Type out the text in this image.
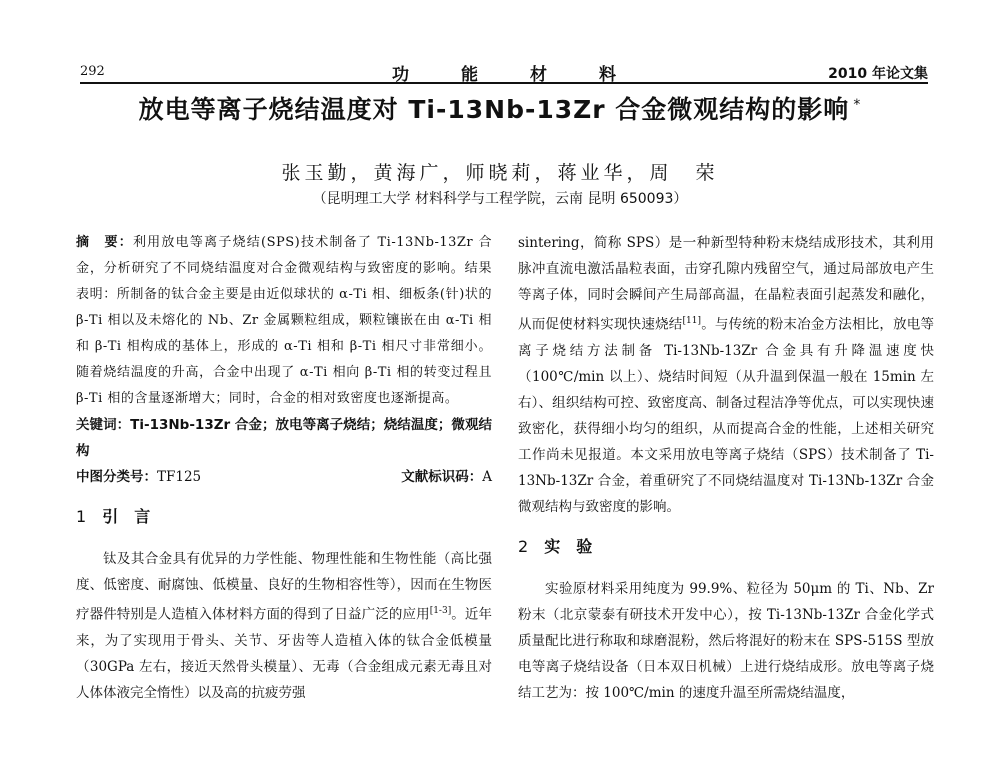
292	功能材料	2010 年论文集
放电等离子烧结温度对 Ti-13Nb-13Zr 合金微观结构的影响 *
张玉勤，黄海广，师晓莉，蒋业华，周　荣
（昆明理工大学 材料科学与工程学院，云南 昆明 650093）
摘　要：利用放电等离子烧结(SPS)技术制备了 Ti-13Nb-13Zr 合金，分析研究了不同烧结温度对合金微观结构与致密度的影响。结果表明：所制备的钛合金主要是由近似球状的 α-Ti 相、细板条(针)状的 β-Ti 相以及未熔化的 Nb、Zr 金属颗粒组成，颗粒镶嵌在由 α-Ti 相和 β-Ti 相构成的基体上，形成的 α-Ti 相和 β-Ti 相尺寸非常细小。随着烧结温度的升高，合金中出现了 α-Ti 相向 β-Ti 相的转变过程且 β-Ti 相的含量逐渐增大；同时，合金的相对致密度也逐渐提高。
关键词：Ti-13Nb-13Zr 合金；放电等离子烧结；烧结温度；微观结构
中图分类号：TF125	文献标识码：A
1 引　言

钛及其合金具有优异的力学性能、物理性能和生物性能（高比强度、低密度、耐腐蚀、低模量、良好的生物相容性等），因而在生物医疗器件特别是人造植入体材料方面的得到了日益广泛的应用[1-3]。近年来，为了实现用于骨头、关节、牙齿等人造植入体的钛合金低模量（30GPa 左右，接近天然骨头模量）、无毒（合金组成元素无毒且对人体体液完全惰性）以及高的抗疲劳强

sintering，简称 SPS）是一种新型特种粉末烧结成形技术，其利用脉冲直流电激活晶粒表面，击穿孔隙内残留空气，通过局部放电产生等离子体，同时会瞬间产生局部高温，在晶粒表面引起蒸发和融化，从而促使材料实现快速烧结[11]。与传统的粉末冶金方法相比，放电等离子烧结方法制备 Ti-13Nb-13Zr 合金具有升降温速度快（100℃/min 以上）、烧结时间短（从升温到保温一般在 15min 左右）、组织结构可控、致密度高、制备过程洁净等优点，可以实现快速致密化，获得细小均匀的组织，从而提高合金的性能，上述相关研究工作尚未见报道。本文采用放电等离子烧结（SPS）技术制备了 Ti-13Nb-13Zr 合金，着重研究了不同烧结温度对 Ti-13Nb-13Zr 合金微观结构与致密度的影响。

2 实　验

实验原材料采用纯度为 99.9%、粒径为 50μm 的 Ti、Nb、Zr 粉末（北京蒙泰有研技术开发中心），按 Ti-13Nb-13Zr 合金化学式质量配比进行称取和球磨混粉，然后将混好的粉末在 SPS-515S 型放电等离子烧结设备（日本双日机械）上进行烧结成形。放电等离子烧结工艺为：按 100℃/min 的速度升温至所需烧结温度，
